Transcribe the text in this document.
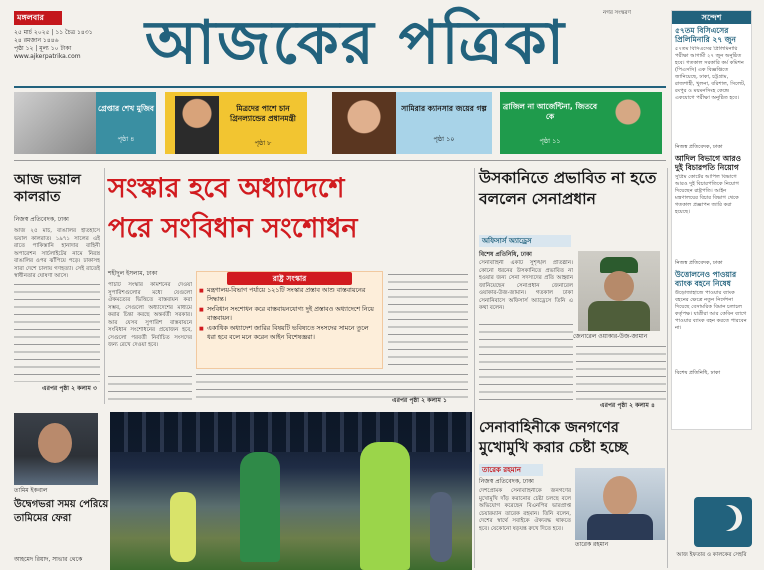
মঙ্গলবার
২৫ মার্চ ২০২৫ | ১১ চৈত্র ১৪৩১
২৪ রমজান ১৪৪৬
পৃষ্ঠা ১২ | মূল্য ১০ টাকা
www.ajkerpatrika.com	আজকের পত্রিকা	নগর সংস্করণ
গ্রেপ্তার শেখ মুজিব
পৃষ্ঠা ৪
মিত্রদের পাশে চান গ্রিনল্যান্ডের প্রধানমন্ত্রী
পৃষ্ঠা ৮
সামিরার ক্যানসার জয়ের গল্প
পৃষ্ঠা ১০
ব্রাজিল না আর্জেন্টিনা, জিতবে কে
পৃষ্ঠা ১১
আজ ভয়াল কালরাত
নিজস্ব প্রতিবেদক, ঢাকা
আজ ২৫ মার্চ, বাঙালির ইতিহাসে ভয়াল কালরাত। ১৯৭১ সালের এই রাতে পাকিস্তানি হানাদার বাহিনী অপারেশন সার্চলাইটের নামে নিরস্ত্র বাঙালির ওপর ঝাঁপিয়ে পড়ে। ঢাকাসহ সারা দেশে চালায় গণহত্যা। সেই রাতেই স্বাধীনতার ঘোষণা আসে।
এরপর পৃষ্ঠা ২ কলাম ৩
তামিম ইকবাল
উদ্বেগভরা সময় পেরিয়ে তামিমের ফেরা
আহমেদ রিয়াদ, সাভার থেকে
সংস্কার হবে অধ্যাদেশে
পরে সংবিধান সংশোধন
শহীদুল ইসলাম, ঢাকা
পাঁচটি সংস্কার কমিশনের দেওয়া সুপারিশগুলোর মধ্যে যেগুলো ঐকমত্যের ভিত্তিতে বাস্তবায়ন করা সম্ভব, সেগুলো অধ্যাদেশের মাধ্যমে করার চিন্তা করছে অন্তর্বর্তী সরকার। আর যেসব সুপারিশ বাস্তবায়নে সংবিধান সংশোধনের প্রয়োজন হবে, সেগুলো পরবর্তী নির্বাচিত সংসদের জন্য রেখে দেওয়া হবে।
রাষ্ট্র সংস্কার
■ মন্ত্রণালয়-বিভাগ পর্যায়ে ১২১টি সংস্কার প্রস্তাব আশু বাস্তবায়নের সিদ্ধান্ত।
■ সংবিধান সংশোধন করে বাস্তবায়নযোগ্য দুই প্রস্তাবও অধ্যাদেশে নিয়ে বাস্তবায়ন।
■ একাধিক অধ্যাদেশ জারির বিষয়টি ভবিষ্যতে সংসদের সামনে তুলে ধরা হবে বলে মনে করেন আইন বিশেষজ্ঞরা।
এরপর পৃষ্ঠা ২ কলাম ১
উসকানিতে প্রভাবিত না হতে বললেন সেনাপ্রধান
অফিসার্স অ্যাড্রেস
বিশেষ প্রতিনিধি, ঢাকা
সেনাবাহিনী একটি সুশৃঙ্খল প্রতিষ্ঠান। কোনো ধরনের উসকানিতে প্রভাবিত না হওয়ার জন্য সেনা সদস্যদের প্রতি আহ্বান জানিয়েছেন সেনাপ্রধান জেনারেল ওয়াকার-উজ-জামান। গতকাল ঢাকা সেনানিবাসে অফিসার্স অ্যাড্রেসে তিনি এ কথা বলেন।
জেনারেল ওয়াকার-উজ-জামান
এরপর পৃষ্ঠা ২ কলাম ৪
সেনাবাহিনীকে জনগণের মুখোমুখি করার চেষ্টা হচ্ছে
তারেক রহমান
নিজস্ব প্রতিবেদক, ঢাকা
দেশপ্রেমিক সেনাবাহিনীকে জনগণের মুখোমুখি দাঁড় করানোর চেষ্টা চলছে বলে অভিযোগ করেছেন বিএনপির ভারপ্রাপ্ত চেয়ারম্যান তারেক রহমান। তিনি বলেন, দেশের স্বার্থে সবাইকে ঐক্যবদ্ধ থাকতে হবে। যেকোনো ষড়যন্ত্র রুখে দিতে হবে।
তারেক রহমান
সন্দেশ
৫৭তম বিসিএসের প্রিলিমিনারি ২৭ জুন
৫৭তম বিসিএসের প্রিলিমিনারি পরীক্ষা আগামী ২৭ জুন অনুষ্ঠিত হবে। গতকাল সরকারি কর্ম কমিশন (পিএসসি) এক বিজ্ঞপ্তিতে জানিয়েছে, ঢাকা, চট্টগ্রাম, রাজশাহী, খুলনা, বরিশাল, সিলেট, রংপুর ও ময়মনসিংহ কেন্দ্রে একযোগে পরীক্ষা অনুষ্ঠিত হবে।
নিজস্ব প্রতিবেদক, ঢাকা
আদিল বিভাগে আরও দুই বিচারপতি নিয়োগ
সুপ্রিম কোর্টের আপিল বিভাগে আরও দুই বিচারপতিকে নিয়োগ দিয়েছেন রাষ্ট্রপতি। আইন মন্ত্রণালয়ের বিচার বিভাগ থেকে গতকাল প্রজ্ঞাপন জারি করা হয়েছে।
নিজস্ব প্রতিবেদক, ঢাকা
উত্তোলনেও পাওয়ার ব্যাংক বহনে নিষেধ
উড়োজাহাজে পাওয়ার ব্যাংক বহনের ক্ষেত্রে নতুন নির্দেশনা দিয়েছে বেসামরিক বিমান চলাচল কর্তৃপক্ষ। যাত্রীরা আর কেবিন ব্যাগে পাওয়ার ব্যাংক বহন করতে পারবেন না।
বিশেষ প্রতিনিধি, ঢাকা
আজ ইফতার ও কালকের সেহরি
